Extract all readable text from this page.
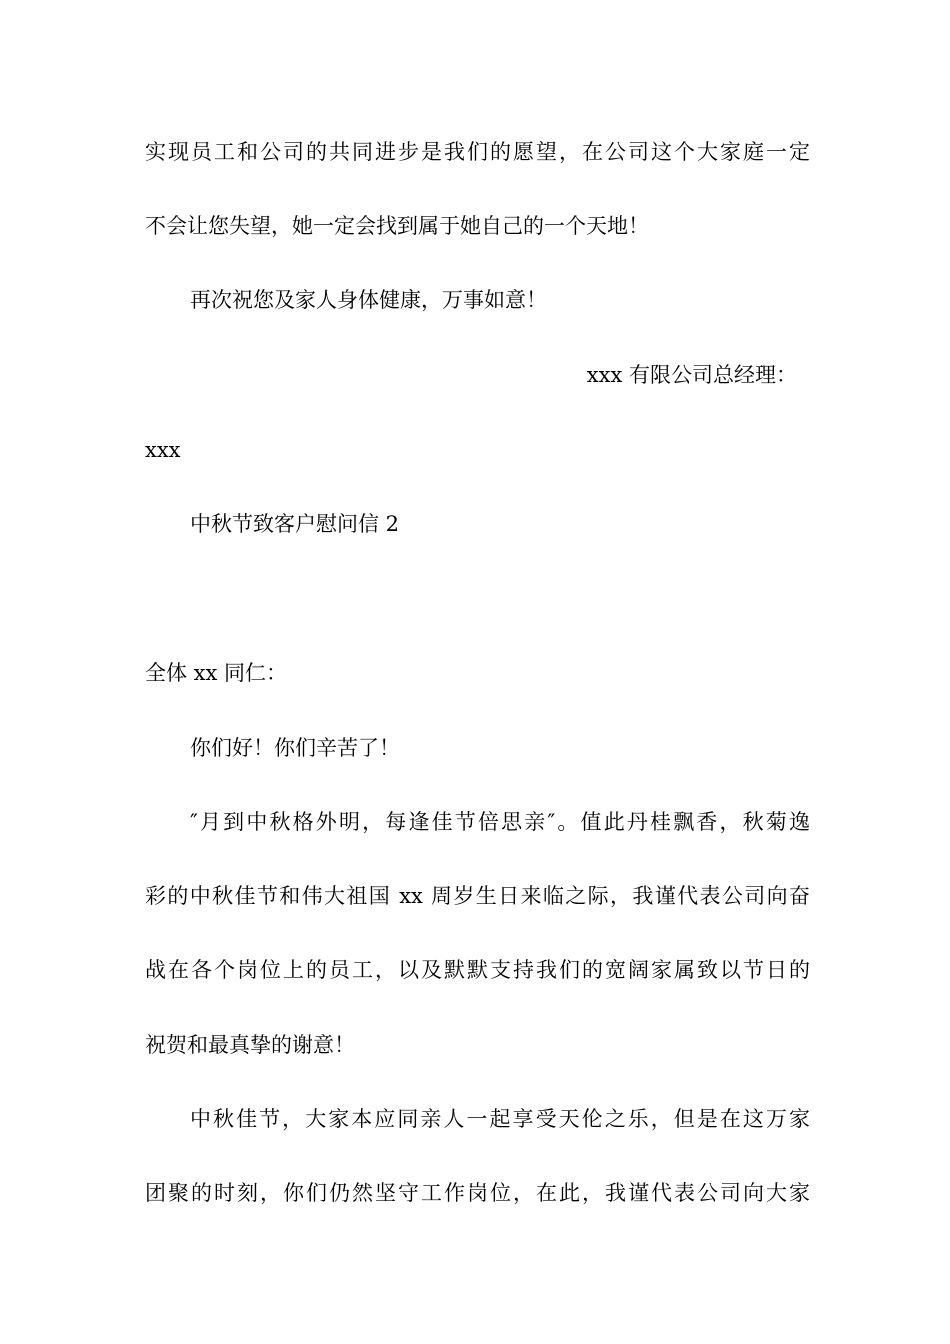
实现员工和公司的共同进步是我们的愿望，在公司这个大家庭一定
不会让您失望，她一定会找到属于她自己的一个天地！
再次祝您及家人身体健康，万事如意！
xxx 有限公司总经理：
xxx
中秋节致客户慰问信 2
全体 xx 同仁：
你们好！你们辛苦了！
″月到中秋格外明，每逢佳节倍思亲″。值此丹桂飘香，秋菊逸
彩的中秋佳节和伟大祖国 xx 周岁生日来临之际，我谨代表公司向奋
战在各个岗位上的员工，以及默默支持我们的宽阔家属致以节日的
祝贺和最真挚的谢意！
中秋佳节，大家本应同亲人一起享受天伦之乐，但是在这万家
团聚的时刻，你们仍然坚守工作岗位，在此，我谨代表公司向大家
